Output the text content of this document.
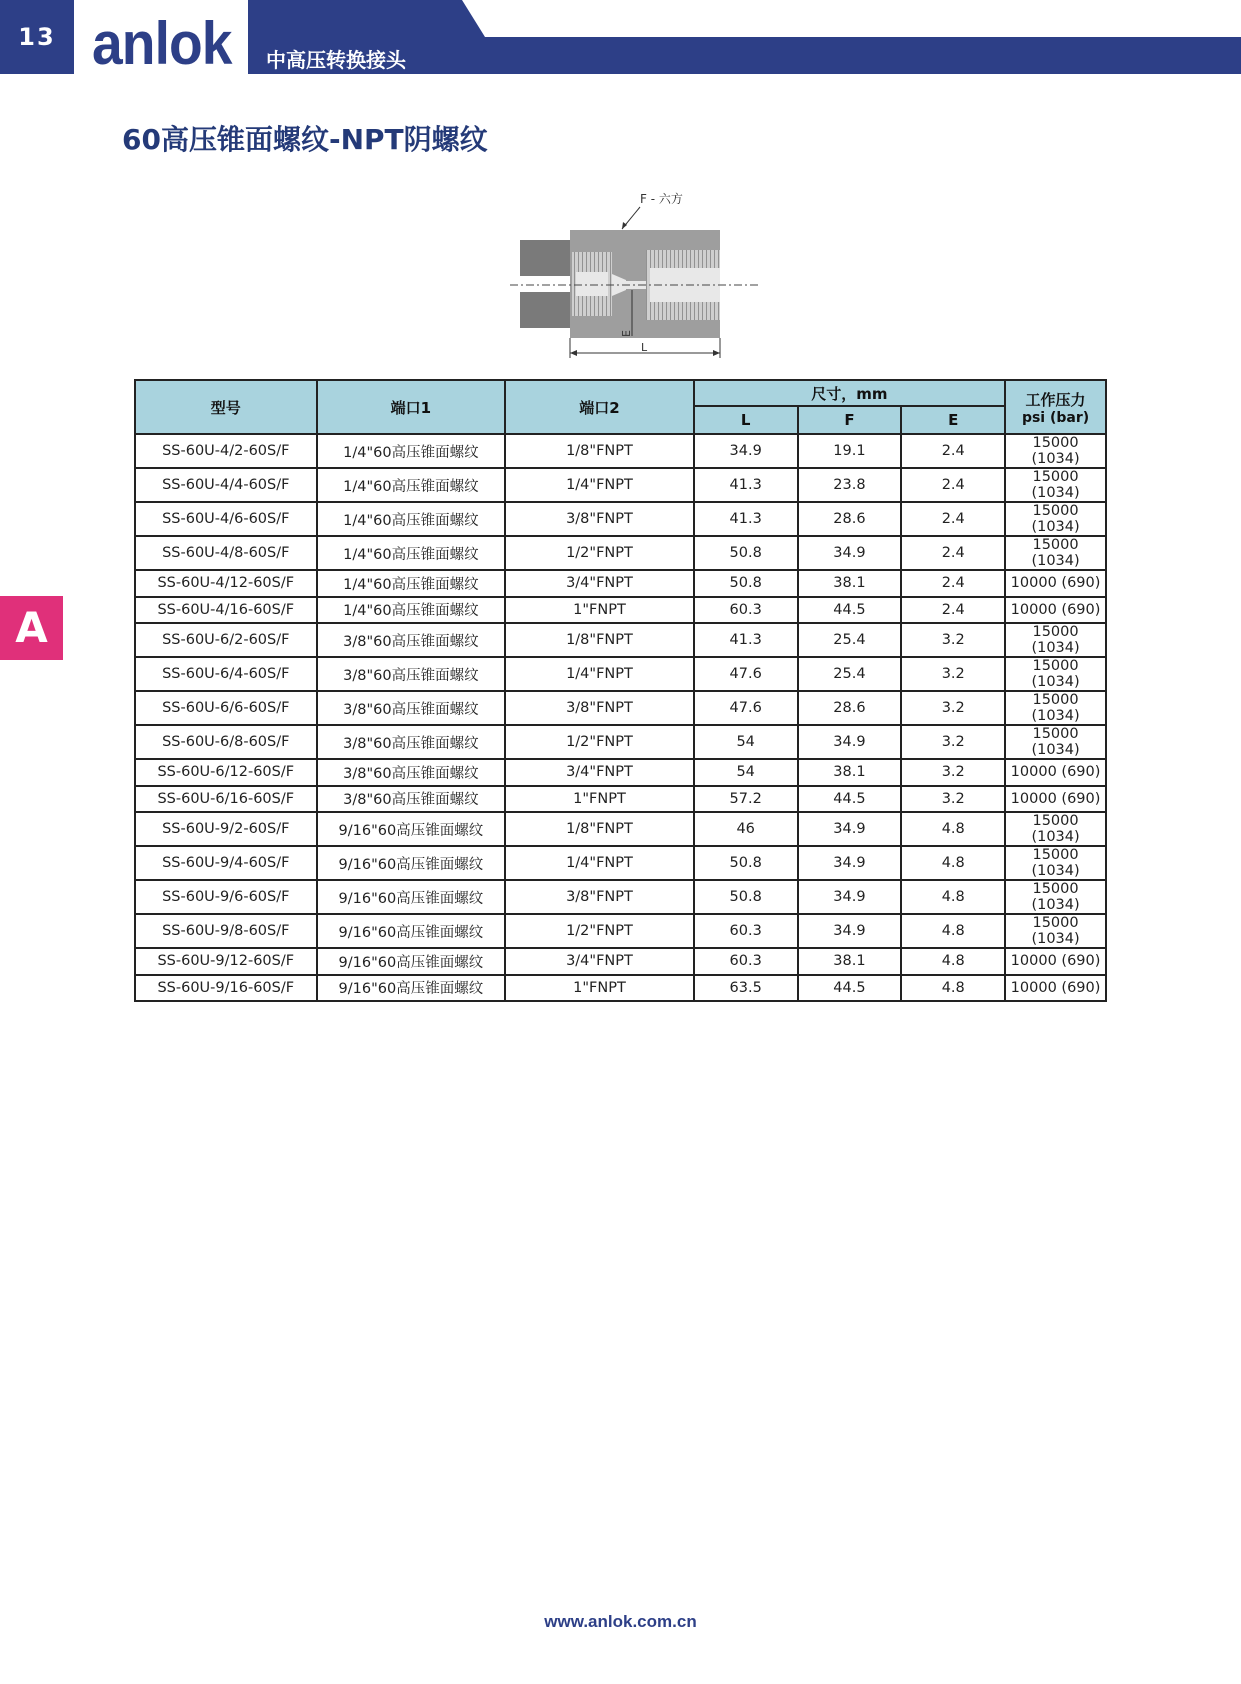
13 anlok 中高压转换接头
60高压锥面螺纹-NPT阴螺纹
A
F - 六方
E
L
型号	端口1	端口2	尺寸，mm			工作压力
psi (bar)

			L	F	E	
SS-60U-4/2-60S/F	1/4"60高压锥面螺纹	1/8"FNPT	34.9	19.1	2.4	15000 (1034)
SS-60U-4/4-60S/F	1/4"60高压锥面螺纹	1/4"FNPT	41.3	23.8	2.4	15000 (1034)
SS-60U-4/6-60S/F	1/4"60高压锥面螺纹	3/8"FNPT	41.3	28.6	2.4	15000 (1034)
SS-60U-4/8-60S/F	1/4"60高压锥面螺纹	1/2"FNPT	50.8	34.9	2.4	15000 (1034)
SS-60U-4/12-60S/F	1/4"60高压锥面螺纹	3/4"FNPT	50.8	38.1	2.4	10000 (690)
SS-60U-4/16-60S/F	1/4"60高压锥面螺纹	1"FNPT	60.3	44.5	2.4	10000 (690)
SS-60U-6/2-60S/F	3/8"60高压锥面螺纹	1/8"FNPT	41.3	25.4	3.2	15000 (1034)
SS-60U-6/4-60S/F	3/8"60高压锥面螺纹	1/4"FNPT	47.6	25.4	3.2	15000 (1034)
SS-60U-6/6-60S/F	3/8"60高压锥面螺纹	3/8"FNPT	47.6	28.6	3.2	15000 (1034)
SS-60U-6/8-60S/F	3/8"60高压锥面螺纹	1/2"FNPT	54	34.9	3.2	15000 (1034)
SS-60U-6/12-60S/F	3/8"60高压锥面螺纹	3/4"FNPT	54	38.1	3.2	10000 (690)
SS-60U-6/16-60S/F	3/8"60高压锥面螺纹	1"FNPT	57.2	44.5	3.2	10000 (690)
SS-60U-9/2-60S/F	9/16"60高压锥面螺纹	1/8"FNPT	46	34.9	4.8	15000 (1034)
SS-60U-9/4-60S/F	9/16"60高压锥面螺纹	1/4"FNPT	50.8	34.9	4.8	15000 (1034)
SS-60U-9/6-60S/F	9/16"60高压锥面螺纹	3/8"FNPT	50.8	34.9	4.8	15000 (1034)
SS-60U-9/8-60S/F	9/16"60高压锥面螺纹	1/2"FNPT	60.3	34.9	4.8	15000 (1034)
SS-60U-9/12-60S/F	9/16"60高压锥面螺纹	3/4"FNPT	60.3	38.1	4.8	10000 (690)
SS-60U-9/16-60S/F	9/16"60高压锥面螺纹	1"FNPT	63.5	44.5	4.8	10000 (690)
www.anlok.com.cn
